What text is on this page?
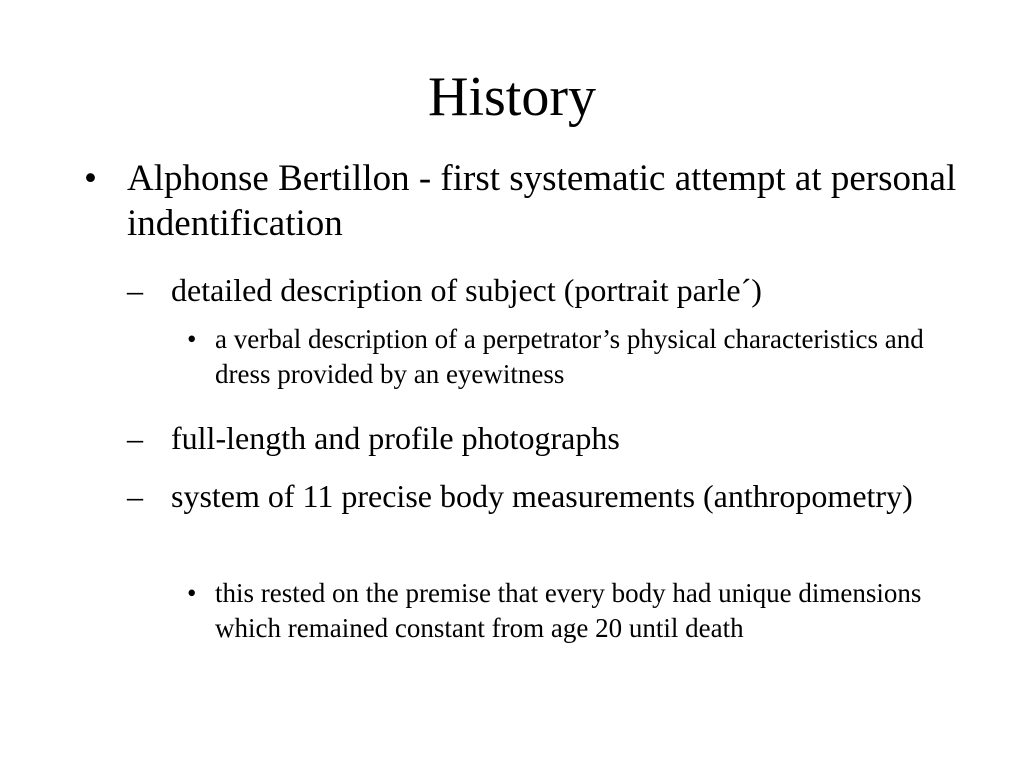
History
• Alphonse Bertillon - first systematic attempt at personal indentification
– detailed description of subject (portrait parle´)
• a verbal description of a perpetrator’s physical characteristics and dress provided by an eyewitness
– full-length and profile photographs
– system of 11 precise body measurements (anthropometry)
• this rested on the premise that every body had unique dimensions which remained constant from age 20 until death
